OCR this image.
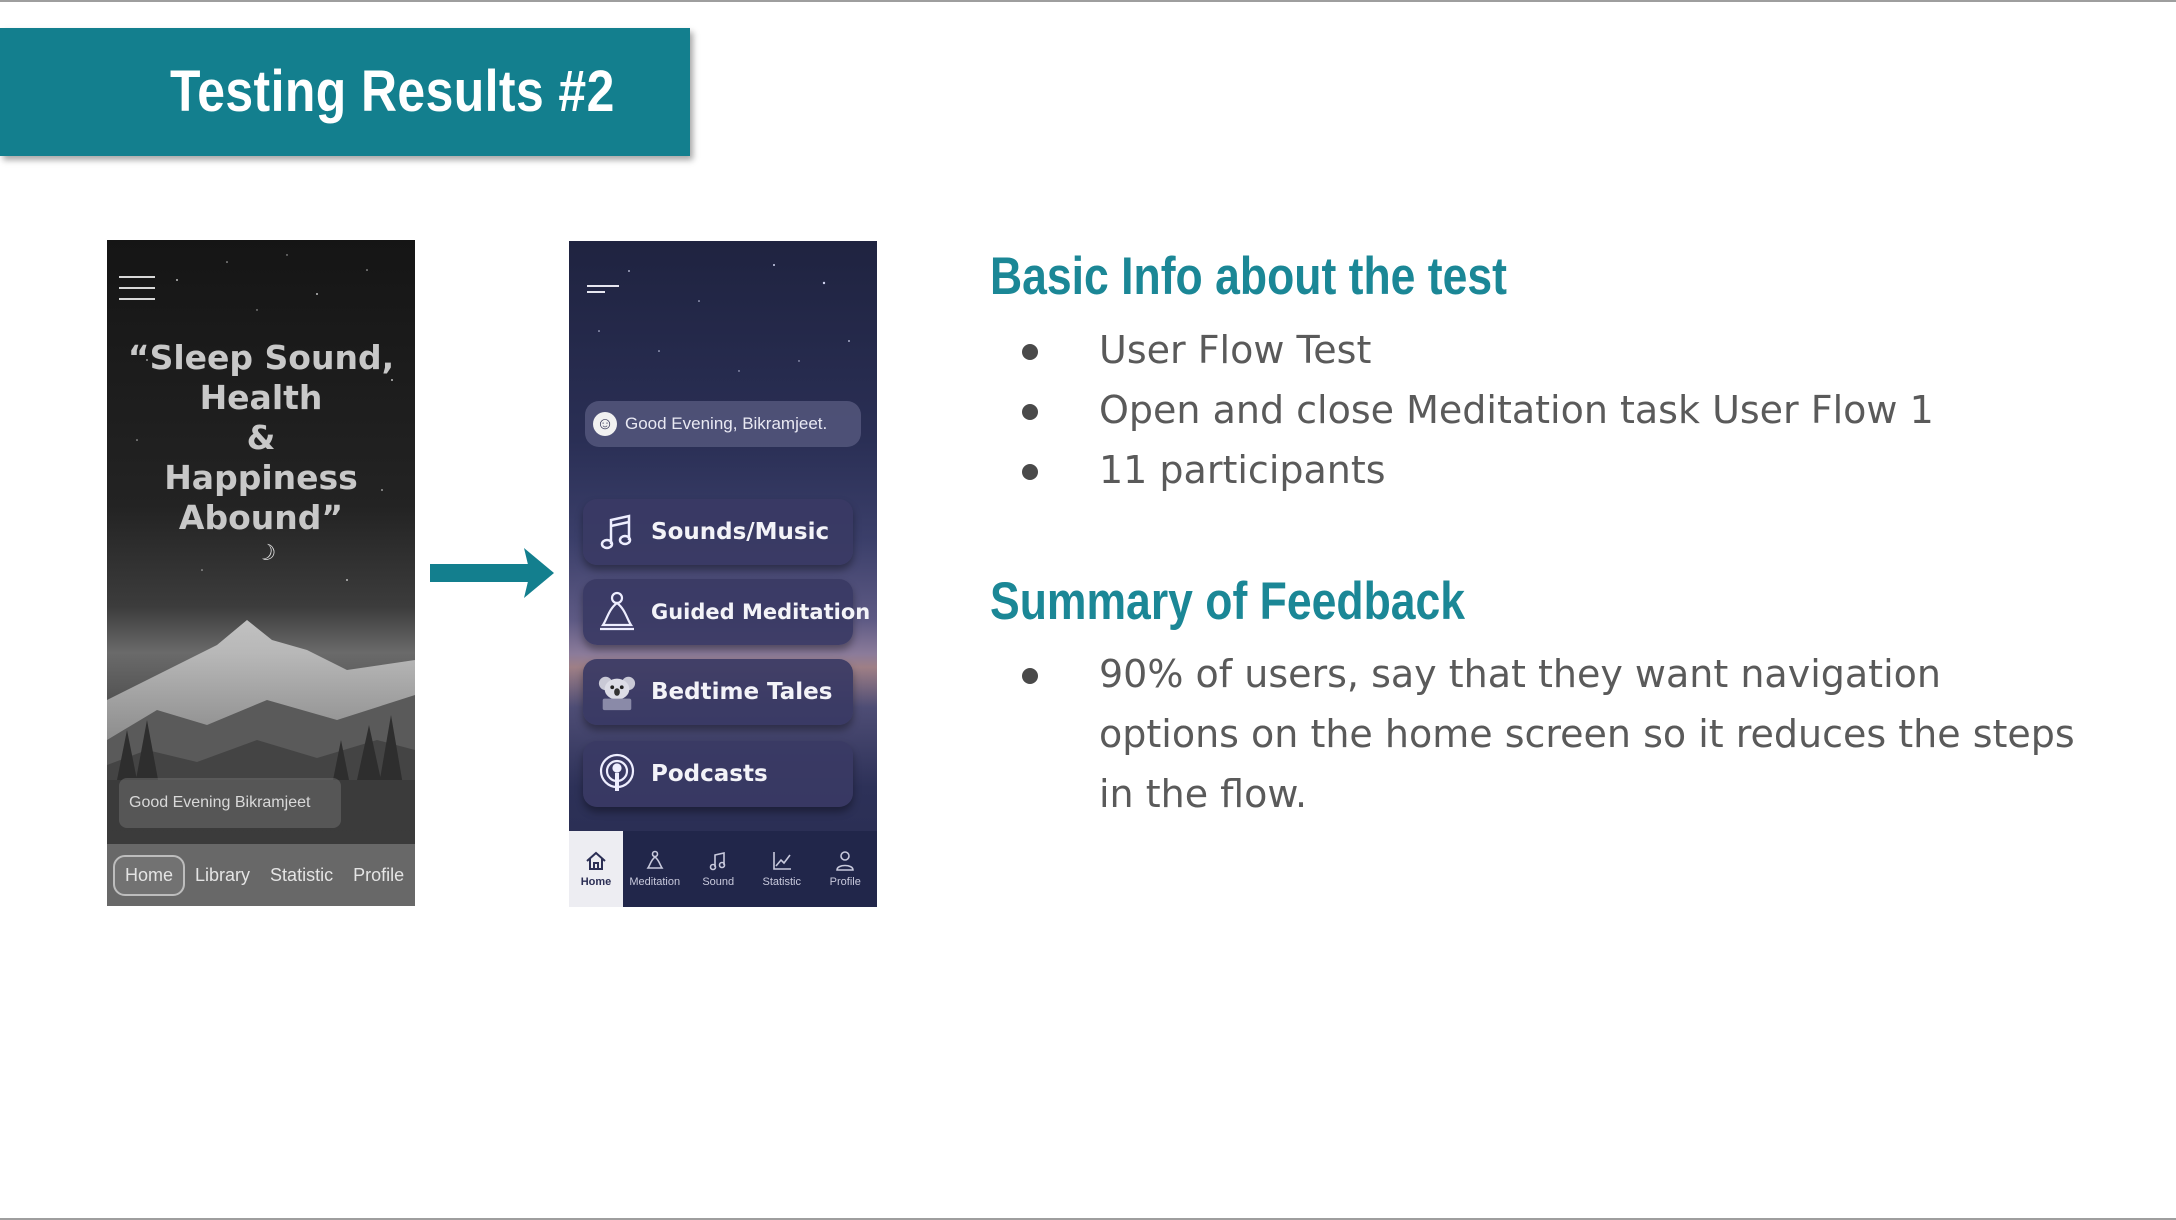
Testing Results #2
“Sleep Sound,
Health
&
Happiness
Abound”
☾
Good Evening Bikramjeet
Home	Library	Statistic	Profile
☺ Good Evening, Bikramjeet.
Sounds/Music
Guided Meditation
Bedtime Tales
Podcasts
Home Meditation Sound	Statistic	Profile
Basic Info about the test
User Flow Test
Open and close Meditation task User Flow 1
11 participants
Summary of Feedback
90% of users, say that they want navigation options on the home screen so it reduces the steps in the flow.
